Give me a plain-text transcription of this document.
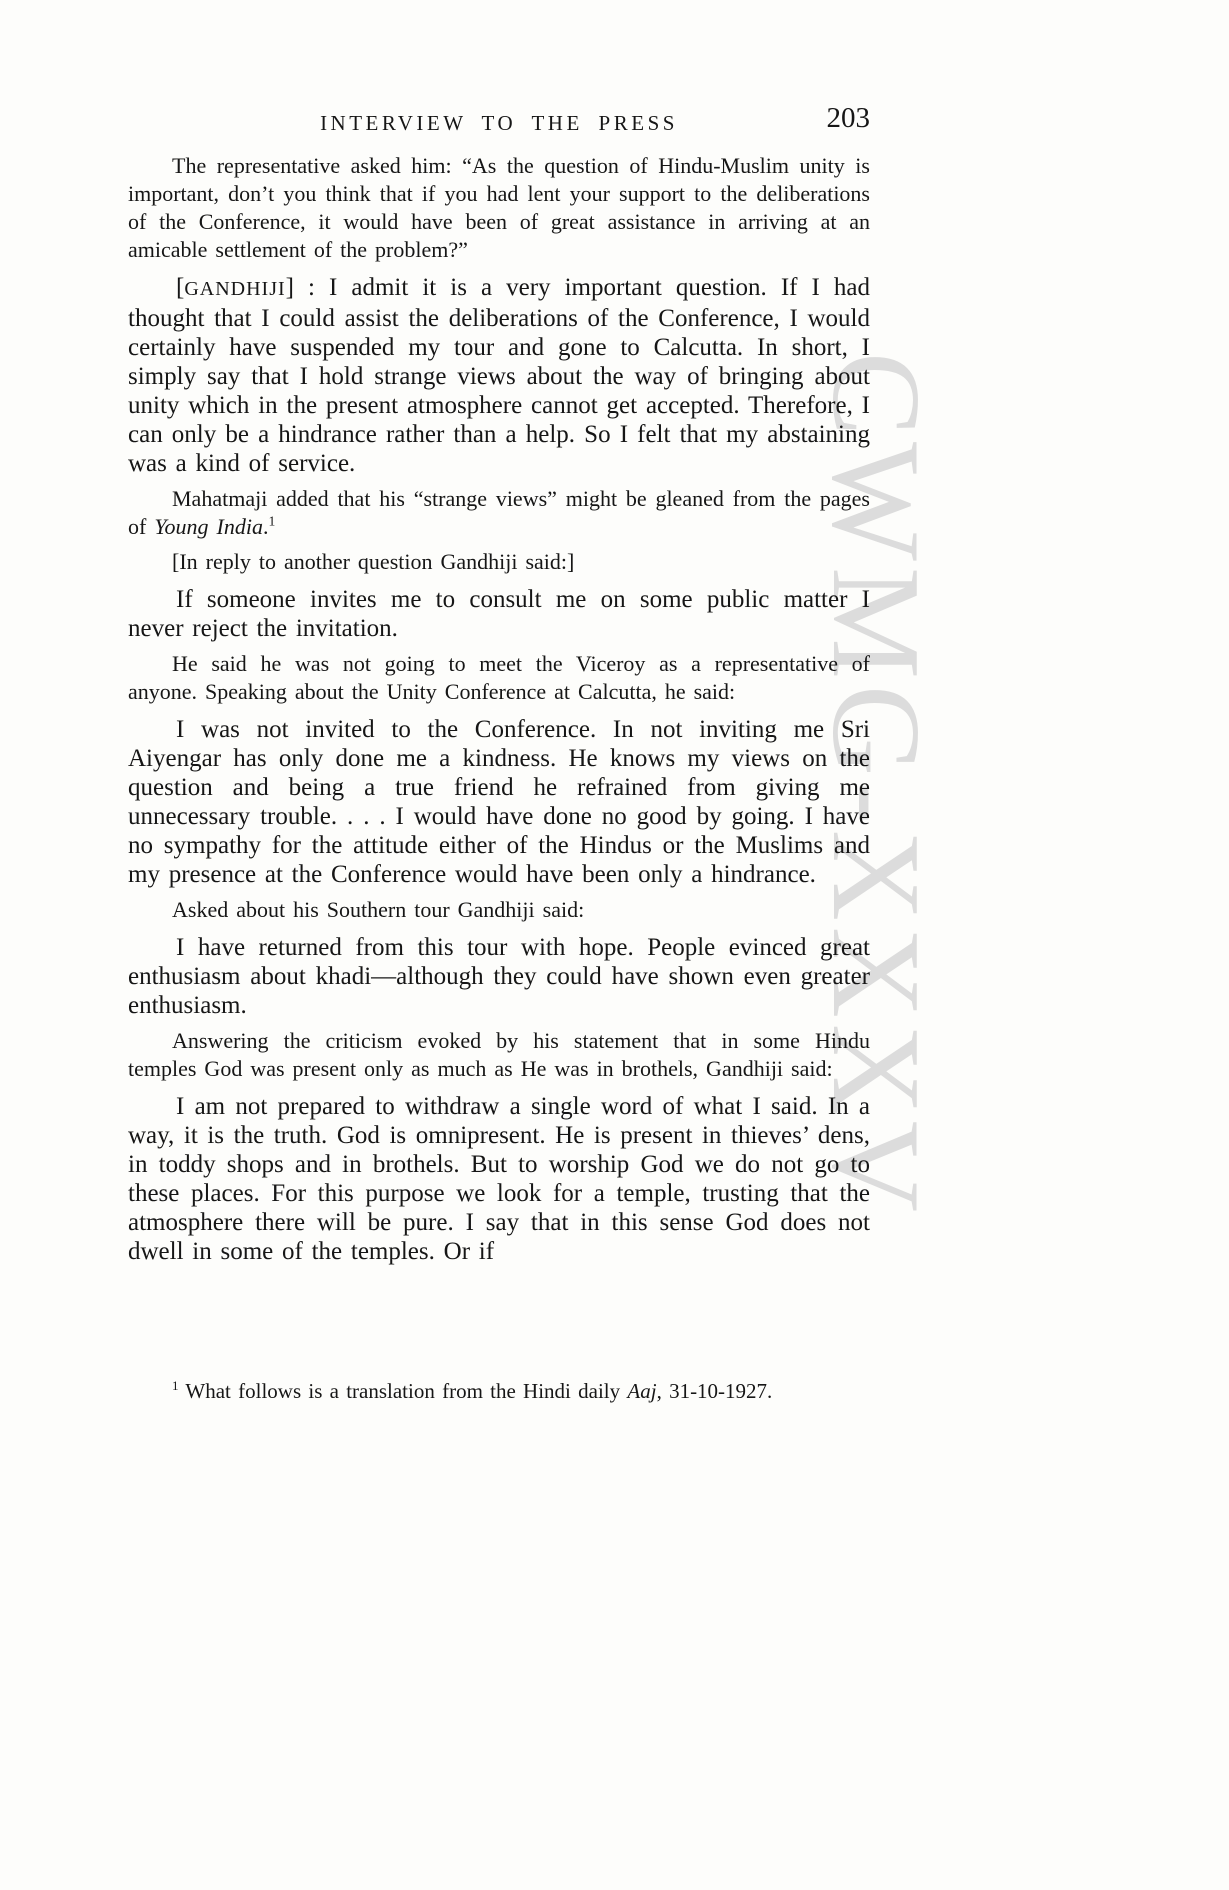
CWMG-XXXV
INTERVIEW TO THE PRESS	203

The representative asked him: “As the question of Hindu-Muslim unity is important, don’t you think that if you had lent your support to the deliberations of the Conference, it would have been of great assistance in arriving at an amicable settlement of the problem?”

[GANDHIJI] : I admit it is a very important question. If I had thought that I could assist the deliberations of the Conference, I would certainly have suspended my tour and gone to Calcutta. In short, I simply say that I hold strange views about the way of bringing about unity which in the present atmosphere cannot get accepted. Therefore, I can only be a hindrance rather than a help. So I felt that my abstaining was a kind of service.

Mahatmaji added that his “strange views” might be gleaned from the pages of Young India.$^1$

[In reply to another question Gandhiji said:]

If someone invites me to consult me on some public matter I never reject the invitation.

He said he was not going to meet the Viceroy as a representative of anyone. Speaking about the Unity Conference at Calcutta, he said:

I was not invited to the Conference. In not inviting me Sri Aiyengar has only done me a kindness. He knows my views on the question and being a true friend he refrained from giving me unnecessary trouble. . . . I would have done no good by going. I have no sympathy for the attitude either of the Hindus or the Muslims and my presence at the Conference would have been only a hindrance.

Asked about his Southern tour Gandhiji said:

I have returned from this tour with hope. People evinced great enthusiasm about khadi—although they could have shown even greater enthusiasm.

Answering the criticism evoked by his statement that in some Hindu temples God was present only as much as He was in brothels, Gandhiji said:

I am not prepared to withdraw a single word of what I said. In a way, it is the truth. God is omnipresent. He is present in thieves’ dens, in toddy shops and in brothels. But to worship God we do not go to these places. For this purpose we look for a temple, trusting that the atmosphere there will be pure. I say that in this sense God does not dwell in some of the temples. Or if

$^1$ What follows is a translation from the Hindi daily Aaj, 31-10-1927.
